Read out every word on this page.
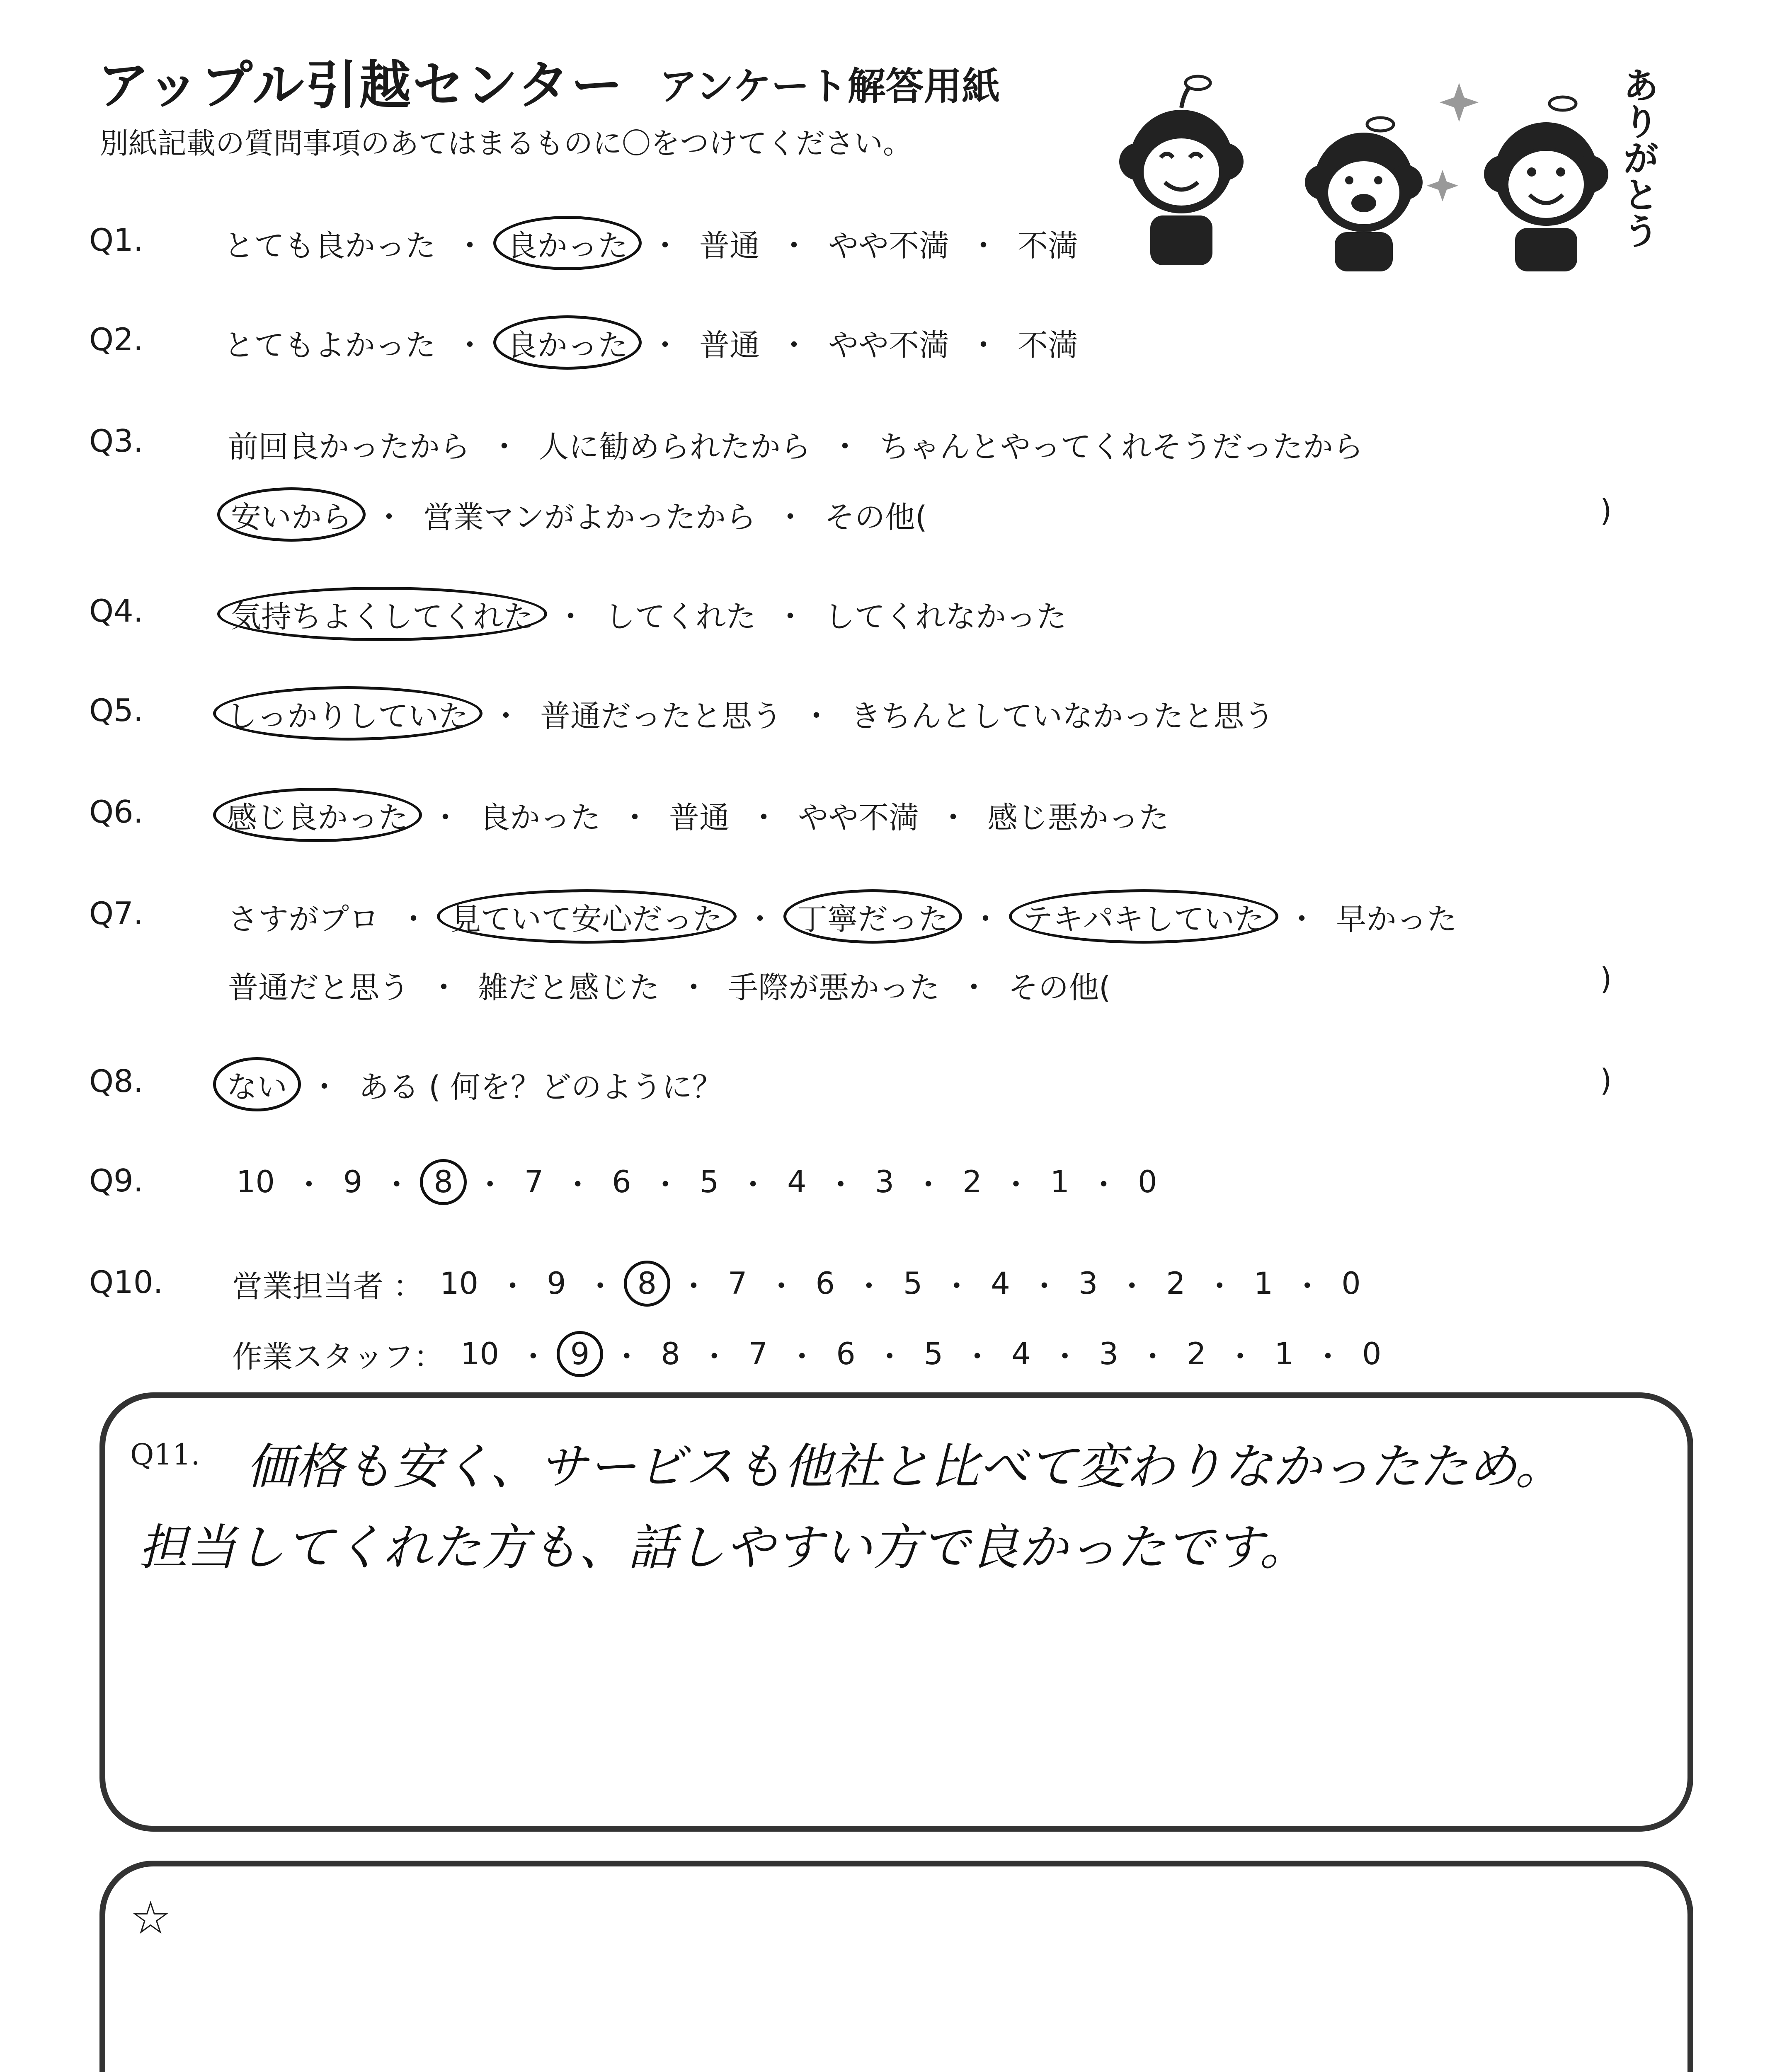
アップル引越センター アンケート解答用紙
別紙記載の質問事項のあてはまるものに〇をつけてください。	ありがとう
Q1.	とても良かった ・ 良かった ・ 普通 ・ やや不満 ・ 不満
Q2.	とてもよかった ・ 良かった ・ 普通 ・ やや不満 ・ 不満
Q3.	前回良かったから ・ 人に勧められたから ・ ちゃんとやってくれそうだったから
安いから ・ 営業マンがよかったから ・ その他(	)
Q4.	気持ちよくしてくれた ・ してくれた ・ してくれなかった
Q5.	しっかりしていた ・ 普通だったと思う ・ きちんとしていなかったと思う
Q6.	感じ良かった ・ 良かった ・ 普通 ・ やや不満 ・ 感じ悪かった
Q7.	さすがプロ ・ 見ていて安心だった ・ 丁寧だった ・ テキパキしていた ・ 早かった
普通だと思う ・ 雑だと感じた ・ 手際が悪かった ・ その他(	)
Q8.	ない ・ ある ( 何を？どのように？	)
Q9.	10 ・ 9 ・ 8 ・ 7 ・ 6 ・ 5 ・ 4 ・ 3 ・ 2 ・ 1 ・ 0
Q10. 営業担当者 ： 10 ・ 9 ・ 8 ・ 7 ・ 6 ・ 5 ・ 4 ・ 3 ・ 2 ・ 1 ・ 0
作業スタッフ： 10 ・ 9 ・ 8 ・ 7 ・ 6 ・ 5 ・ 4 ・ 3 ・ 2 ・ 1 ・ 0
Q11. 価格も安く、サービスも他社と比べて変わりなかったため。
担当してくれた方も、話しやすい方で良かったです。
☆
